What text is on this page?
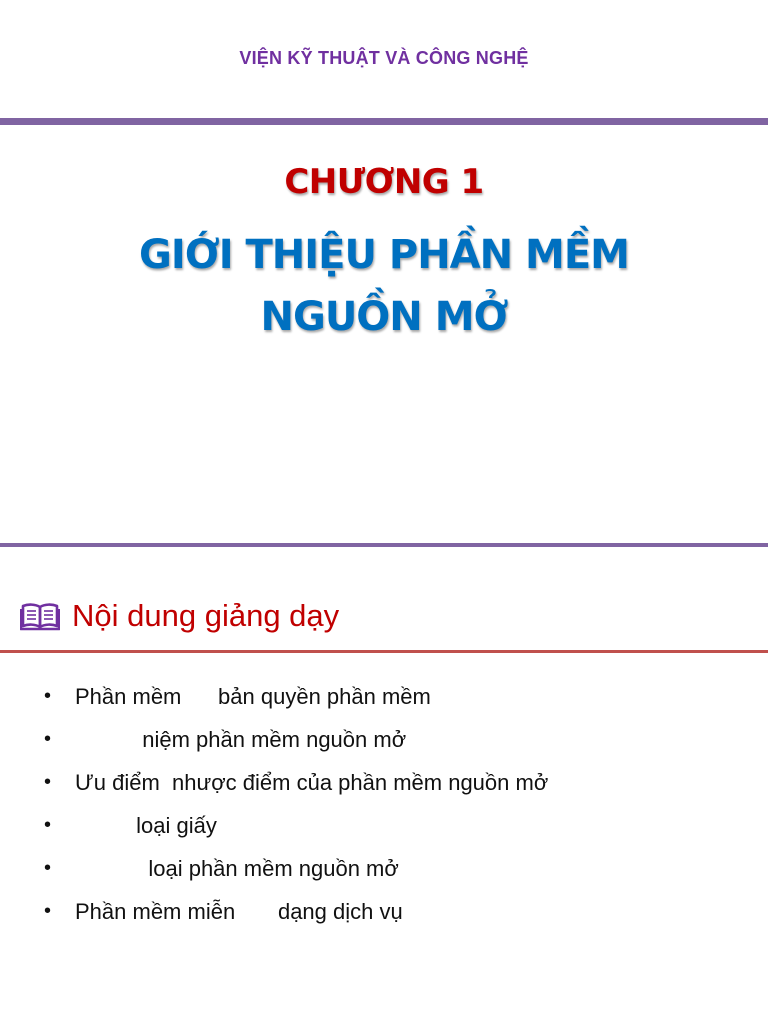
VIỆN KỸ THUẬT VÀ CÔNG NGHỆ
CHƯƠNG 1
GIỚI THIỆU PHẦN MỀM
NGUỒN MỞ
Nội dung giảng dạy
•	Phần mềm      bản quyền phần mềm
•	niệm phần mềm nguồn mở
•	Ưu điểm  nhược điểm của phần mềm nguồn mở
•	loại giấy
•	loại phần mềm nguồn mở
•	Phần mềm miễn       dạng dịch vụ
